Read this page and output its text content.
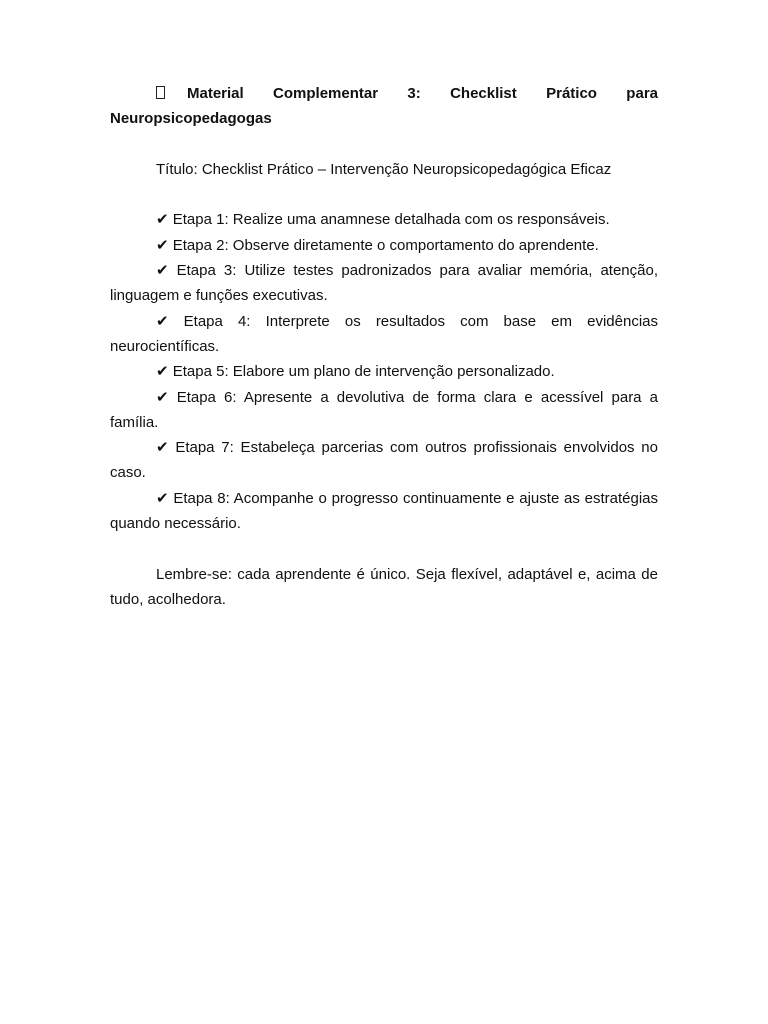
Material Complementar 3: Checklist Prático para
Neuropsicopedagogas

Título: Checklist Prático – Intervenção Neuropsicopedagógica Eficaz

✔ Etapa 1: Realize uma anamnese detalhada com os responsáveis.

✔ Etapa 2: Observe diretamente o comportamento do aprendente.

✔ Etapa 3: Utilize testes padronizados para avaliar memória, atenção, linguagem e funções executivas.

✔ Etapa 4: Interprete os resultados com base em evidências neurocientíficas.

✔ Etapa 5: Elabore um plano de intervenção personalizado.

✔ Etapa 6: Apresente a devolutiva de forma clara e acessível para a família.

✔ Etapa 7: Estabeleça parcerias com outros profissionais envolvidos no caso.

✔ Etapa 8: Acompanhe o progresso continuamente e ajuste as estratégias quando necessário.

Lembre-se: cada aprendente é único. Seja flexível, adaptável e, acima de tudo, acolhedora.
